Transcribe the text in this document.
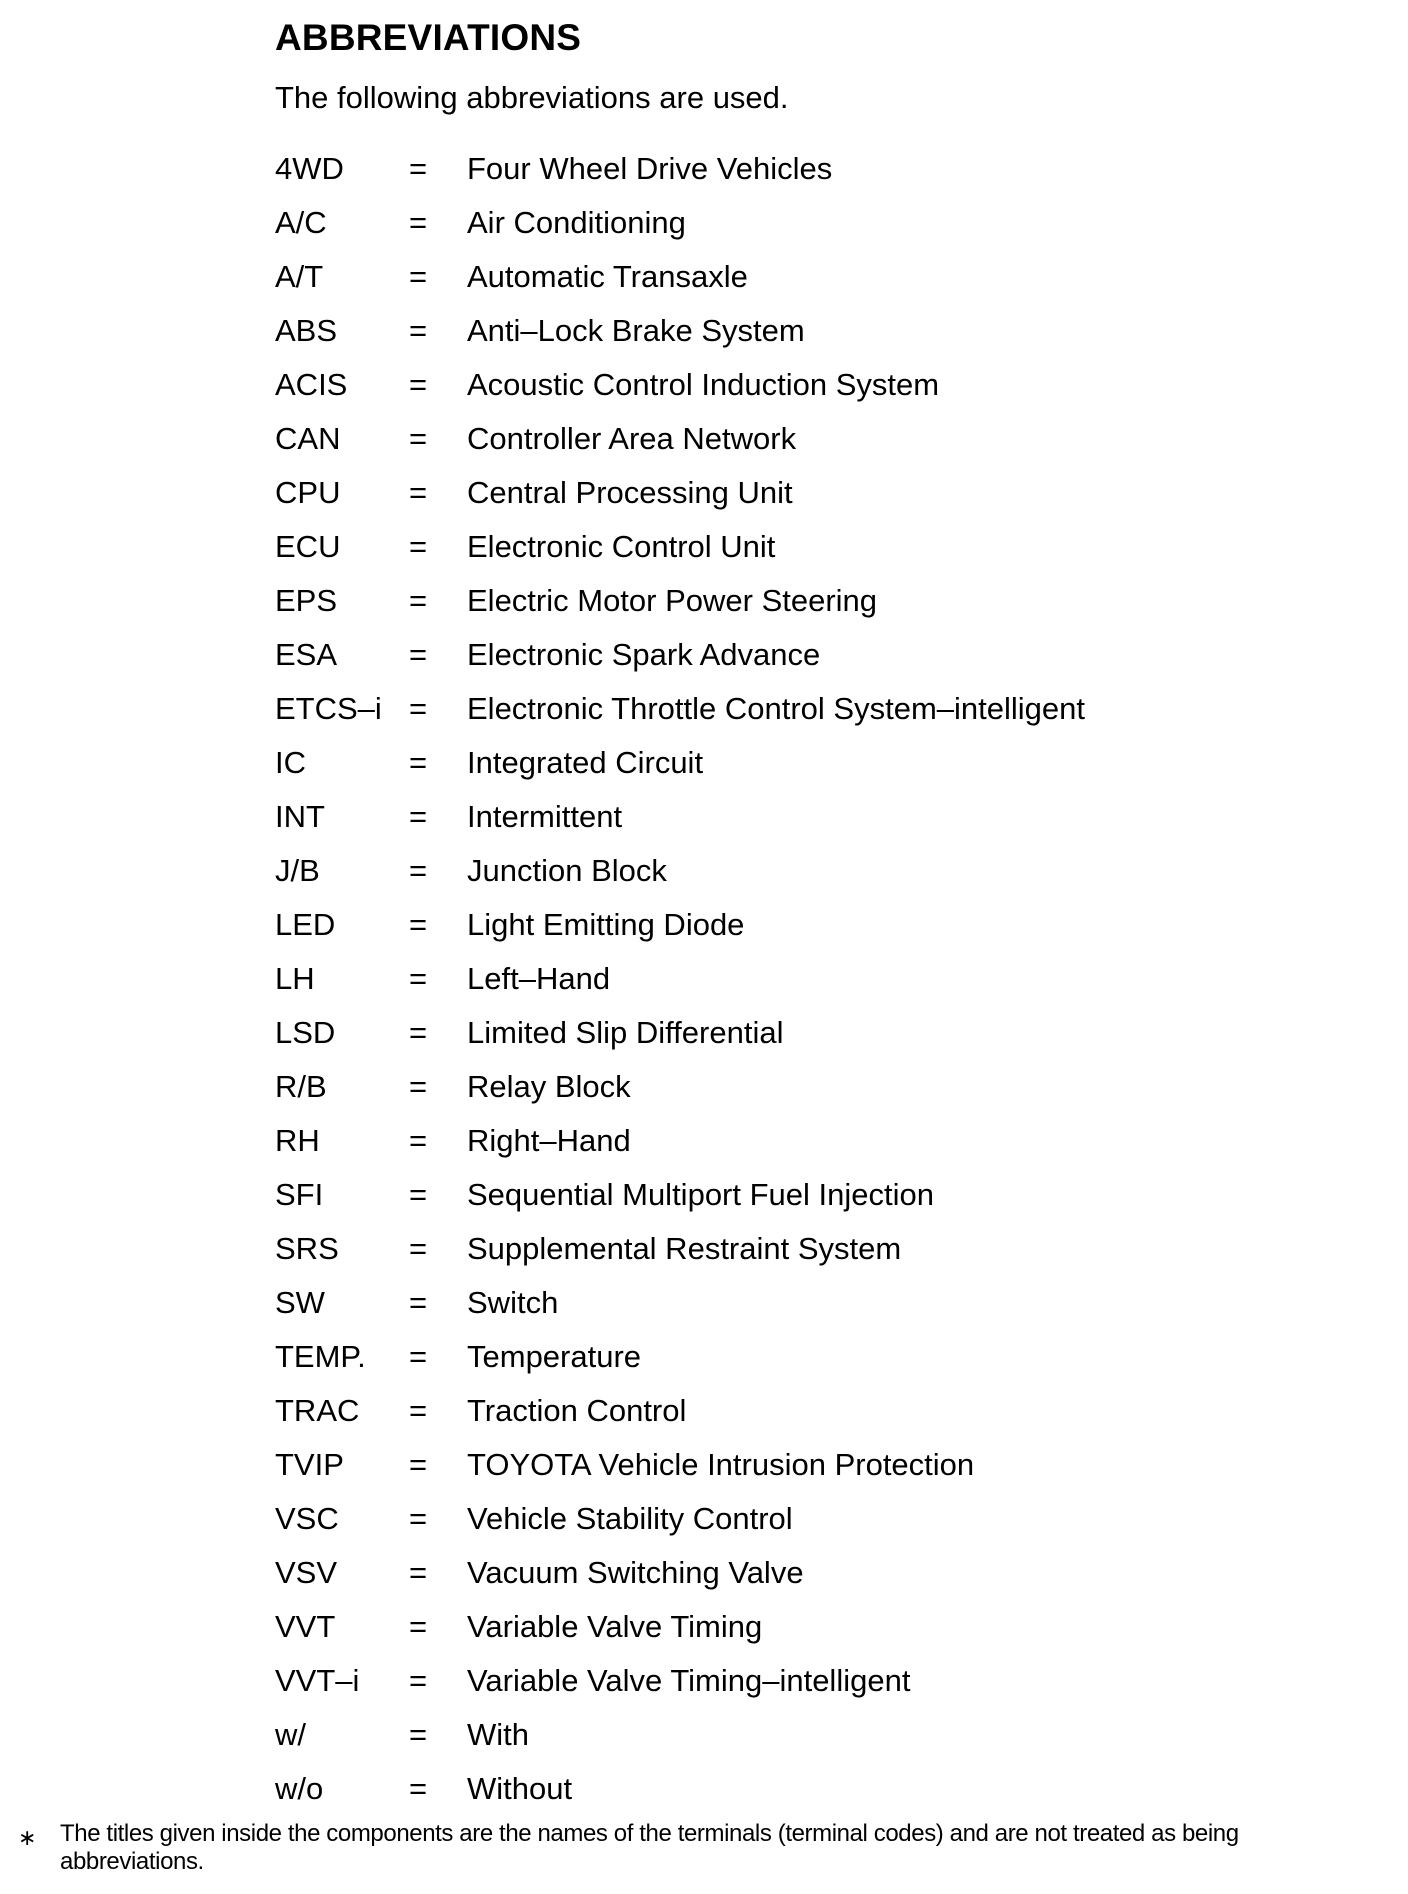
ABBREVIATIONS

The following abbreviations are used.

4WD	=	Four Wheel Drive Vehicles
A/C	=	Air Conditioning
A/T	=	Automatic Transaxle
ABS	=	Anti–Lock Brake System
ACIS	=	Acoustic Control Induction System
CAN	=	Controller Area Network
CPU	=	Central Processing Unit
ECU	=	Electronic Control Unit
EPS	=	Electric Motor Power Steering
ESA	=	Electronic Spark Advance
ETCS–i =	Electronic Throttle Control System–intelligent
IC	=	Integrated Circuit
INT	=	Intermittent
J/B	=	Junction Block
LED	=	Light Emitting Diode
LH	=	Left–Hand
LSD	=	Limited Slip Differential
R/B	=	Relay Block
RH	=	Right–Hand
SFI	=	Sequential Multiport Fuel Injection
SRS	=	Supplemental Restraint System
SW	=	Switch
TEMP.	=	Temperature
TRAC	=	Traction Control
TVIP	=	TOYOTA Vehicle Intrusion Protection
VSC	=	Vehicle Stability Control
VSV	=	Vacuum Switching Valve
VVT	=	Variable Valve Timing
VVT–i	=	Variable Valve Timing–intelligent
w/	=	With
w/o	=	Without
∗ The titles given inside the components are the names of the terminals (terminal codes) and are not treated as being abbreviations.
